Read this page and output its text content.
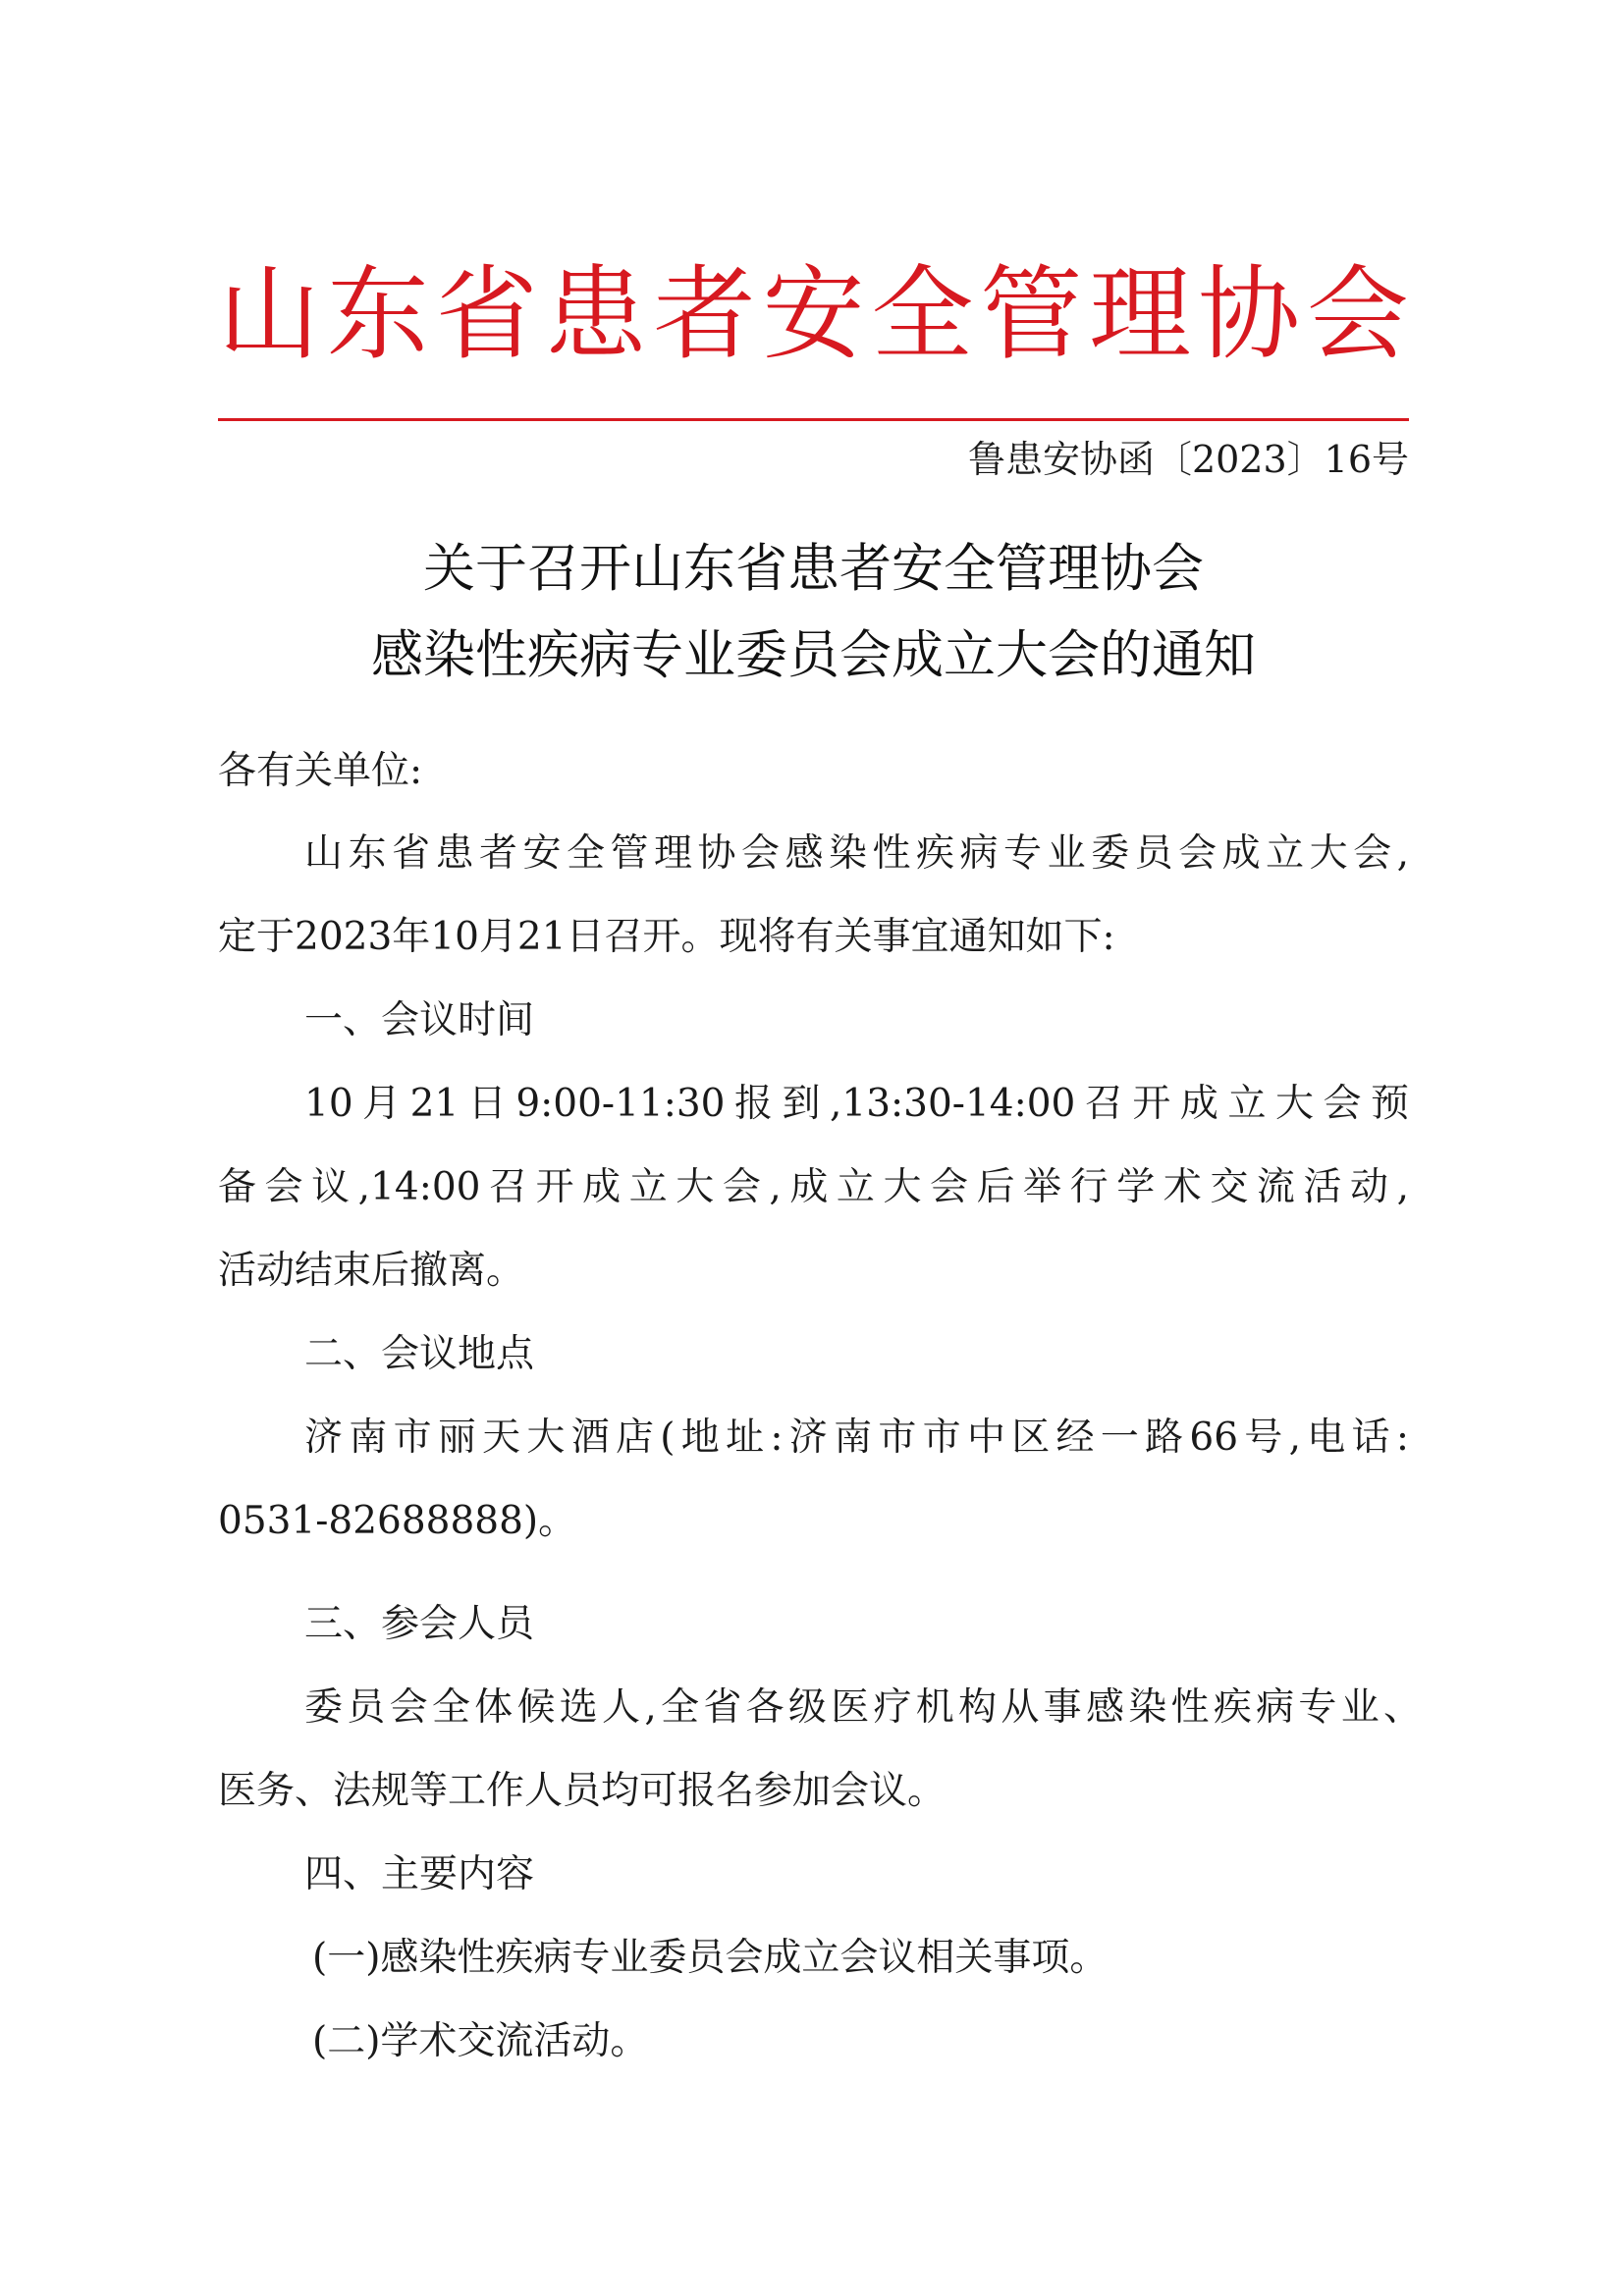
山 东 省 患 者 安 全 管 理 协 会
鲁患安协函〔2023〕16号
关于召开山东省患者安全管理协会
感染性疾病专业委员会成立大会的通知
各有关单位:
山东省患者安全管理协会感染性疾病专业委员会成立大会,
定于2023年10月21日召开。现将有关事宜通知如下:
一、会议时间
10月21日9:00-11:30报到,13:30-14:00召开成立大会预
备会议,14:00召开成立大会,成立大会后举行学术交流活动,
活动结束后撤离。
二、会议地点
济南市丽天大酒店(地址:济南市市中区经一路66号,电话:
0531-82688888)。
三、参会人员
委员会全体候选人,全省各级医疗机构从事感染性疾病专业、
医务、法规等工作人员均可报名参加会议。
四、主要内容
(一)感染性疾病专业委员会成立会议相关事项。
(二)学术交流活动。
